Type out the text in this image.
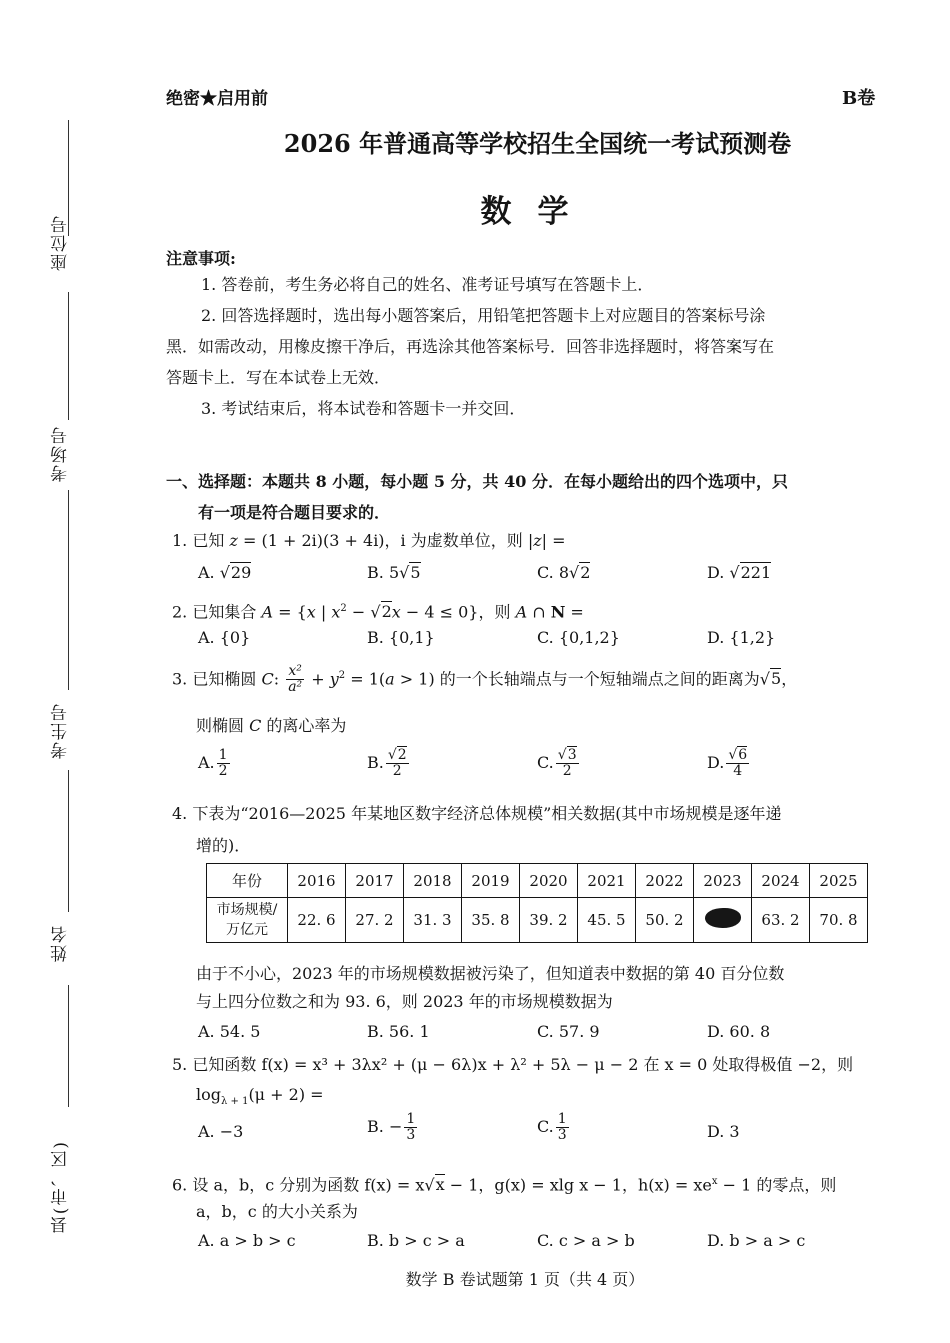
座位号
考场号
考生号
姓名
县(市、区)
绝密★启用前	B卷
2026 年普通高等学校招生全国统一考试预测卷
数学
注意事项:
1. 答卷前，考生务必将自己的姓名、准考证号填写在答题卡上．
2. 回答选择题时，选出每小题答案后，用铅笔把答题卡上对应题目的答案标号涂
黑．如需改动，用橡皮擦干净后，再选涂其他答案标号．回答非选择题时，将答案写在
答题卡上．写在本试卷上无效．
3. 考试结束后，将本试卷和答题卡一并交回．
一、选择题：本题共 8 小题，每小题 5 分，共 40 分．在每小题给出的四个选项中，只
有一项是符合题目要求的．
1. 已知 z = (1 + 2i)(3 + 4i)，i 为虚数单位，则 |z| =
A. √29	B. 5√5	C. 8√2	D. √221
2. 已知集合 A = {x | $x^2 - √2x - 4 \le 0$}，则 A ∩ N =
A. {0}	B. {0,1}	C. {0,1,2}	D. {1,2}
3. 已知椭圆 C: $\frac{\text{x²}}{\text{a²}} + y^2 = 1(a > 1)$ 的一个长轴端点与一个短轴端点之间的距离为√5，
则椭圆 C 的离心率为
A. $\frac{1}{2}$	B. $\frac{√2}{2}$	C. $\frac{√3}{2}$	D. $\frac{√6}{4}$
4. 下表为“2016—2025 年某地区数字经济总体规模”相关数据(其中市场规模是逐年递
增的)．
年份	2016	2017	2018	2019	2020	2021	2022	2023	2024	2025

市场规模/
万亿元	22. 6	27. 2	31. 3	35. 8	39. 2	45. 5	50. 2		63. 2	70. 8
由于不小心，2023 年的市场规模数据被污染了，但知道表中数据的第 40 百分位数
与上四分位数之和为 93. 6，则 2023 年的市场规模数据为
A. 54. 5	B. 56. 1	C. 57. 9	D. 60. 8
5. 已知函数 f(x) = x³ + 3λx² + (μ − 6λ)x + λ² + 5λ − μ − 2 在 x = 0 处取得极值 −2，则
$\log_{\lambda + 1}(\mu + 2)$ =
A. −3	B. − $\frac{1}{3}$	C. $\frac{1}{3}$	D. 3
6. 设 a，b，c 分别为函数 f(x) = x√x − 1，g(x) = xlg x − 1，$h(x) = xe^x - 1$ 的零点，则
a，b，c 的大小关系为
A. a > b > c	B. b > c > a	C. c > a > b	D. b > a > c
数学 B 卷试题第 1 页（共 4 页）
